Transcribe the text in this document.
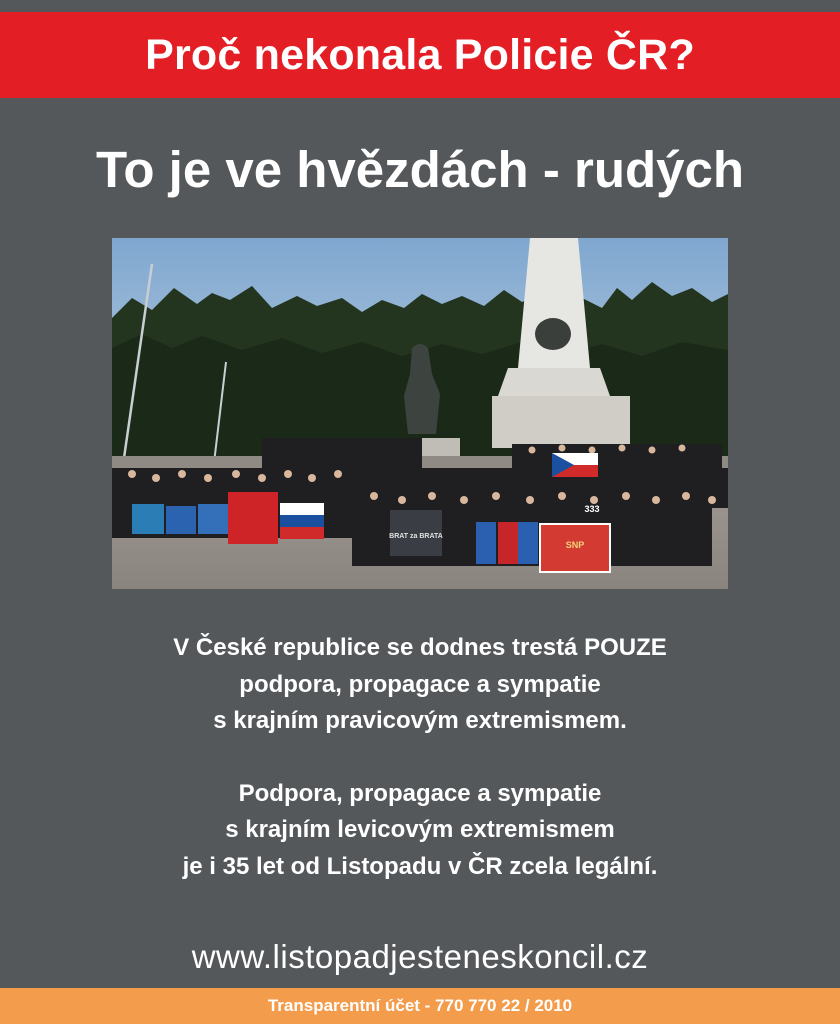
Proč nekonala Policie ČR?
To je ve hvězdách - rudých
BRAT za BRATA
SNP
333

V České republice se dodnes trestá POUZE

podpora, propagace a sympatie

s krajním pravicovým extremismem.

Podpora, propagace a sympatie

s krajním levicovým extremismem

je i 35 let od Listopadu v ČR zcela legální.

www.listopadjesteneskoncil.cz
Transparentní účet - 770 770 22 / 2010
